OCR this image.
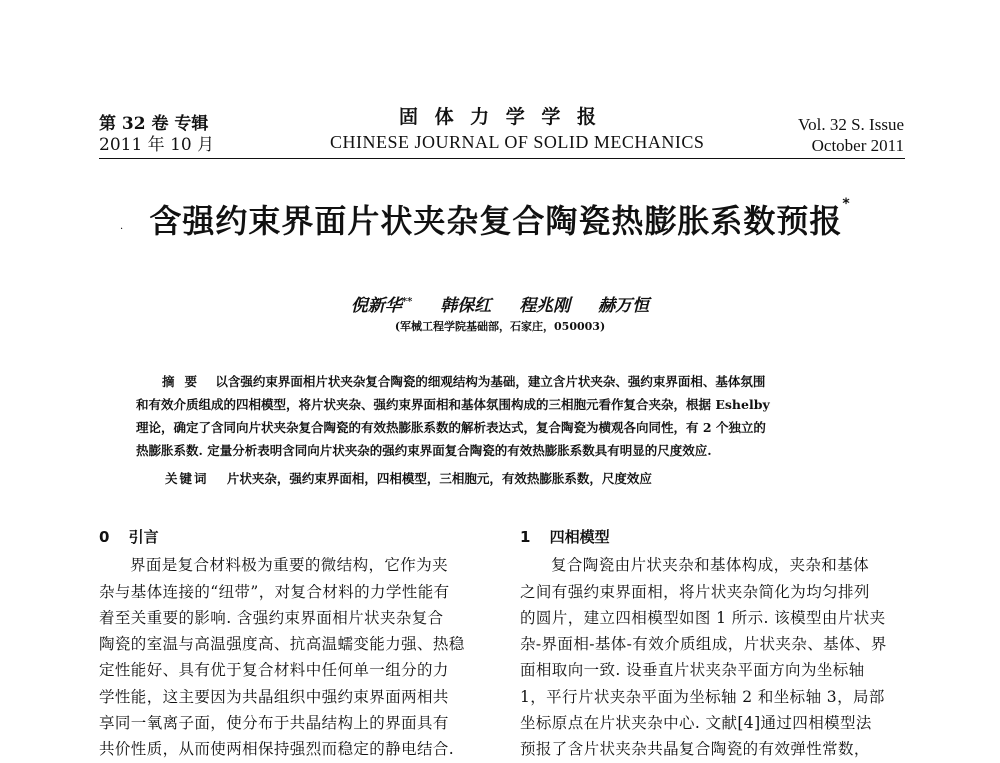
第 32 卷 专辑
2011 年 10 月
固 体 力 学 学 报
CHINESE JOURNAL OF SOLID MECHANICS
Vol. 32 S. Issue
October 2011
· 含强约束界面片状夹杂复合陶瓷热膨胀系数预报*
倪新华** 韩保红 程兆刚 赫万恒
(军械工程学院基础部，石家庄，050003)
摘要 以含强约束界面相片状夹杂复合陶瓷的细观结构为基础，建立含片状夹杂、强约束界面相、基体氛围
和有效介质组成的四相模型，将片状夹杂、强约束界面相和基体氛围构成的三相胞元看作复合夹杂，根据 Eshelby
理论，确定了含同向片状夹杂复合陶瓷的有效热膨胀系数的解析表达式，复合陶瓷为横观各向同性，有 2 个独立的
热膨胀系数. 定量分析表明含同向片状夹杂的强约束界面复合陶瓷的有效热膨胀系数具有明显的尺度效应.
关键词 片状夹杂，强约束界面相，四相模型，三相胞元，有效热膨胀系数，尺度效应
0 引言
界面是复合材料极为重要的微结构，它作为夹
杂与基体连接的“纽带”，对复合材料的力学性能有
着至关重要的影响. 含强约束界面相片状夹杂复合
陶瓷的室温与高温强度高、抗高温蠕变能力强、热稳
定性能好、具有优于复合材料中任何单一组分的力
学性能，这主要因为共晶组织中强约束界面两相共
享同一氧离子面，使分布于共晶结构上的界面具有
共价性质，从而使两相保持强烈而稳定的静电结合.
1 四相模型
复合陶瓷由片状夹杂和基体构成，夹杂和基体
之间有强约束界面相，将片状夹杂简化为均匀排列
的圆片，建立四相模型如图 1 所示. 该模型由片状夹
杂-界面相-基体-有效介质组成，片状夹杂、基体、界
面相取向一致. 设垂直片状夹杂平面方向为坐标轴
1，平行片状夹杂平面为坐标轴 2 和坐标轴 3，局部
坐标原点在片状夹杂中心. 文献[4]通过四相模型法
预报了含片状夹杂共晶复合陶瓷的有效弹性常数，
